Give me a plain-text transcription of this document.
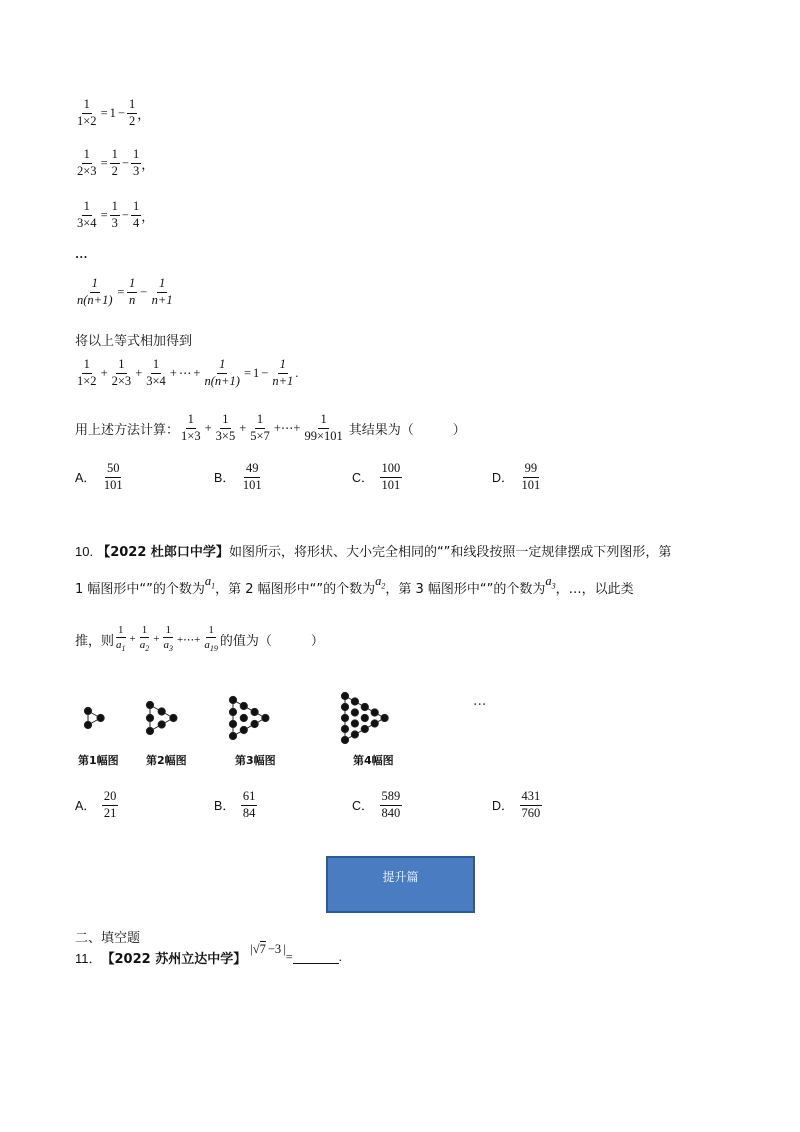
$\frac{1}{1\times 2} = 1 - \frac{1}{2}$ ，
$\frac{1}{2\times 3} = \frac{1}{2} - \frac{1}{3}$ ，
$\frac{1}{3\times 4} = \frac{1}{3} - \frac{1}{4}$ ，
…
$\frac{1}{n(n+1)} = \frac{1}{n} - \frac{1}{n+1}$
将以上等式相加得到
$\frac{1}{1\times 2} + \frac{1}{2\times 3} + \frac{1}{3\times 4}$ + ⋯ + $\frac{1}{n(n+1)} = 1 - \frac{1}{n+1}$ .
用上述方法计算： $\frac{1}{1\times 3} + \frac{1}{3\times 5} + \frac{1}{5\times 7}$ +⋯+ $\frac{1}{99\times 101}$ 其结果为（　　　）
A． $\frac{50}{101}$	B． $\frac{49}{101}$	C． $\frac{100}{101}$	D． $\frac{99}{101}$
10. 【2022 杜郎口中学】如图所示，将形状、大小完全相同的“”和线段按照一定规律摆成下列图形，第
1 幅图形中“”的个数为$a_1$，第 2 幅图形中“”的个数为$a_2$，第 3 幅图形中“”的个数为$a_3$，…，以此类
推，则 $\frac{1}{a_1} + \frac{1}{a_2} + \frac{1}{a_3}$ +⋯+ $\frac{1}{a_{19}}$ 的值为（　　　）
第1幅图 第2幅图	第3幅图	第4幅图
···
A． $\frac{20}{21}$	B． $\frac{61}{84}$	C． $\frac{589}{840}$	D． $\frac{431}{760}$
提升篇
二、填空题
11． 【2022 苏州立达中学】
|√7 −3 |
=	.
